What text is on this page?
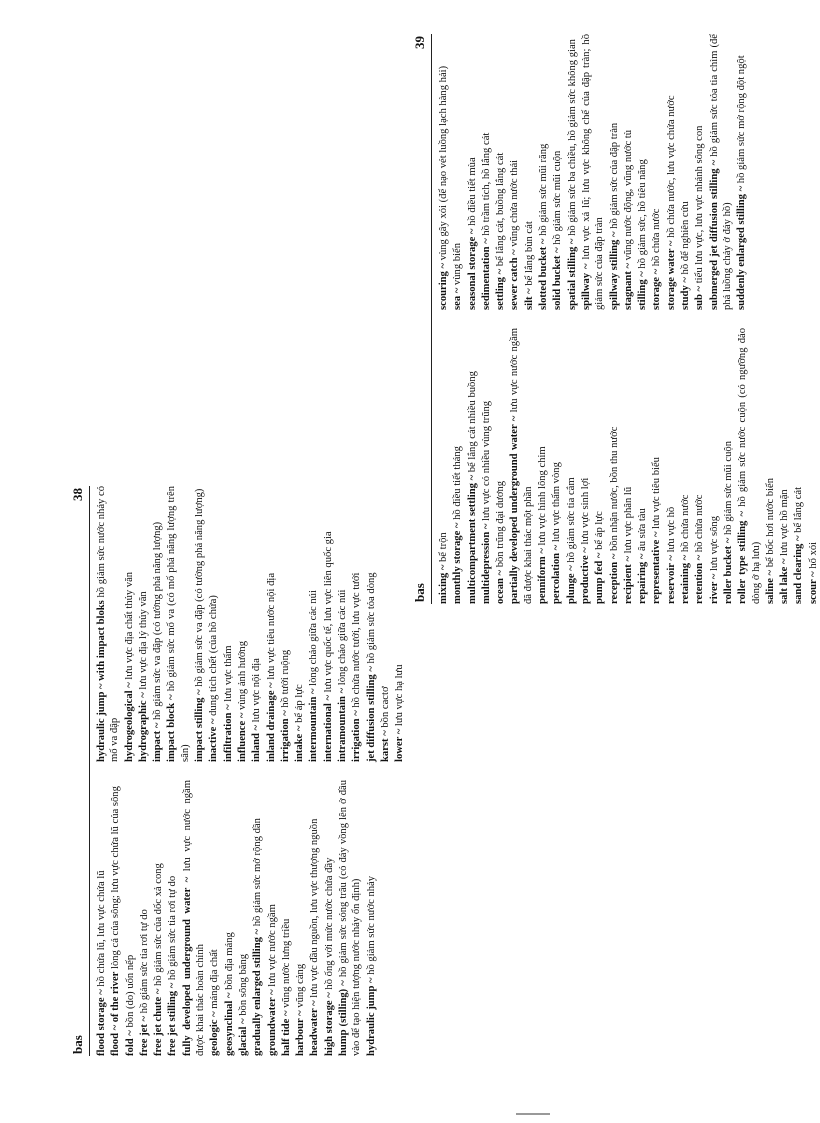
bas
38
flood storage ~ hồ chứa lũ, lưu vực chứa lũ
flood ~ of the river lòng cả của sông; lưu vực chứa lũ của sông
fold ~ bồn (do) uốn nếp
free jet ~ hồ giảm sức tia rơi tự do
free jet chute ~ hồ giảm sức của dốc xả cong
free jet stilling ~ hồ giảm sức tia rơi tự do fully developed underground water ~ lưu vực nước ngầm được khai thác hoàn chỉnh geologic ~ máng địa chất
geosynclinal ~ bồn địa máng
glacial ~ bồn sông băng gradually enlarged stilling ~ hồ giảm sức mở rộng dần
groundwater ~ lưu vực nước ngầm
half tide ~ vũng nước lưng triều
harbour ~ vũng cảng
headwater ~ lưu vực đầu nguồn, lưu vực thượng nguồn
high storage ~ hồ ống với mức nước chứa đầy
hump (stilling) ~ hồ giảm sức sóng trâu (có đáy vồng lên ở đầu vào để tạo hiện tượng nước nhảy ổn định) hydraulic jump ~ hồ giảm sức nước nhảy
hydraulic jump ~ with impact bloks hồ giảm sức nước nhảy có mố va đập hydrogeological ~ lưu vực địa chất thủy văn
hydrographic ~ lưu vực địa lý thủy văn
impact ~ hồ giảm sức va đập (có tường phá năng lượng)
impact block ~ hồ giảm sức mố va (có mố phá năng lượng trên sân) impact stilling ~ hồ giảm sức va đập (có tường phá năng lượng)
inactive ~ dung tích chết (của hồ chứa)
infiltration ~ lưu vực thấm
influence ~ vùng ảnh hưởng
inland ~ lưu vực nội địa inland drainage ~ lưu vực tiêu nước nội địa
irrigation ~ hồ tưới ruộng
intake ~ bể áp lực intermountain ~ lòng chảo giữa các núi
international ~ lưu vực quốc tế, lưu vực liên quốc gia
intramountain ~ lòng chảo giữa các núi
irrigation ~ hồ chứa nước tưới, lưu vực tưới
jet diffusion stilling ~ hồ giảm sức tỏa dòng
karst ~ bồn cactơ
lower ~ lưu vực hạ lưu
bas
39
mixing ~ bể trộn monthly storage ~ hồ điều tiết tháng multicompartment settling ~ bể lắng cát nhiều buồng
multidepression ~ lưu vực có nhiều vùng trũng
ocean ~ bồn trũng đại dương partially developed underground water ~ lưu vực nước ngầm đã được khai thác một phần penniform ~ lưu vực hình lông chim
percolation ~ lưu vực thấm vòng
plunge ~ hồ giảm sức tia cắm
productive ~ lưu vực sinh lợi
pump fed ~ bể áp lực
reception ~ bồn nhận nước, bồn thu nước
recipient ~ lưu vực phân lũ
repairing ~ âu sửa tàu
representative ~ lưu vực tiêu biểu
reservoir ~ lưu vực hồ
retaining ~ hồ chứa nước
retention ~ hồ chứa nước
river ~ lưu vực sông roller bucket ~ hồ giảm sức mũi cuộn
roller type stilling ~ hồ giảm sức nước cuộn (có ngưỡng đảo dòng ở hạ lưu) saline ~ bể bốc hơi nước biển
salt lake ~ lưu vực hồ mặn
sand clearing ~ bể lắng cát
scour ~ hố xói
scouring ~ vùng gây xói (để nạo vét luồng lạch hàng hải)
sea ~ vùng biển seasonal storage ~ hồ điều tiết mùa
sedimentation ~ hồ trầm tích, hồ lắng cát
settling ~ bể lắng cát, buồng lắng cát
sewer catch ~ vũng chứa nước thải
silt ~ bể lắng bùn cát slotted bucket ~ hồ giảm sức mũi răng
solid bucket ~ hồ giảm sức mũi cuộn
spatial stilling ~ hồ giảm sức ba chiều, hồ giảm sức không gian
spillway ~ lưu vực xả lũ; lưu vực không chế của đập tràn; hồ giảm sức của đập tràn spillway stilling ~ hồ giảm sức của đập tràn
stagnant ~ vũng nước động, vũng nước tù
stilling ~ hồ giảm sức, hồ tiêu năng
storage ~ hồ chứa nước
storage water ~ hồ chứa nước, lưu vực chứa nước
study ~ hồ để nghiên cứu
sub ~ tiểu lưu vực, lưu vực nhánh sông con submerged jet diffusion stilling ~ hồ giảm sức tỏa tia chìm (để phá luồng chảy ở đáy hồ) suddenly enlarged stilling ~ hồ giảm sức mở rộng đột ngột
